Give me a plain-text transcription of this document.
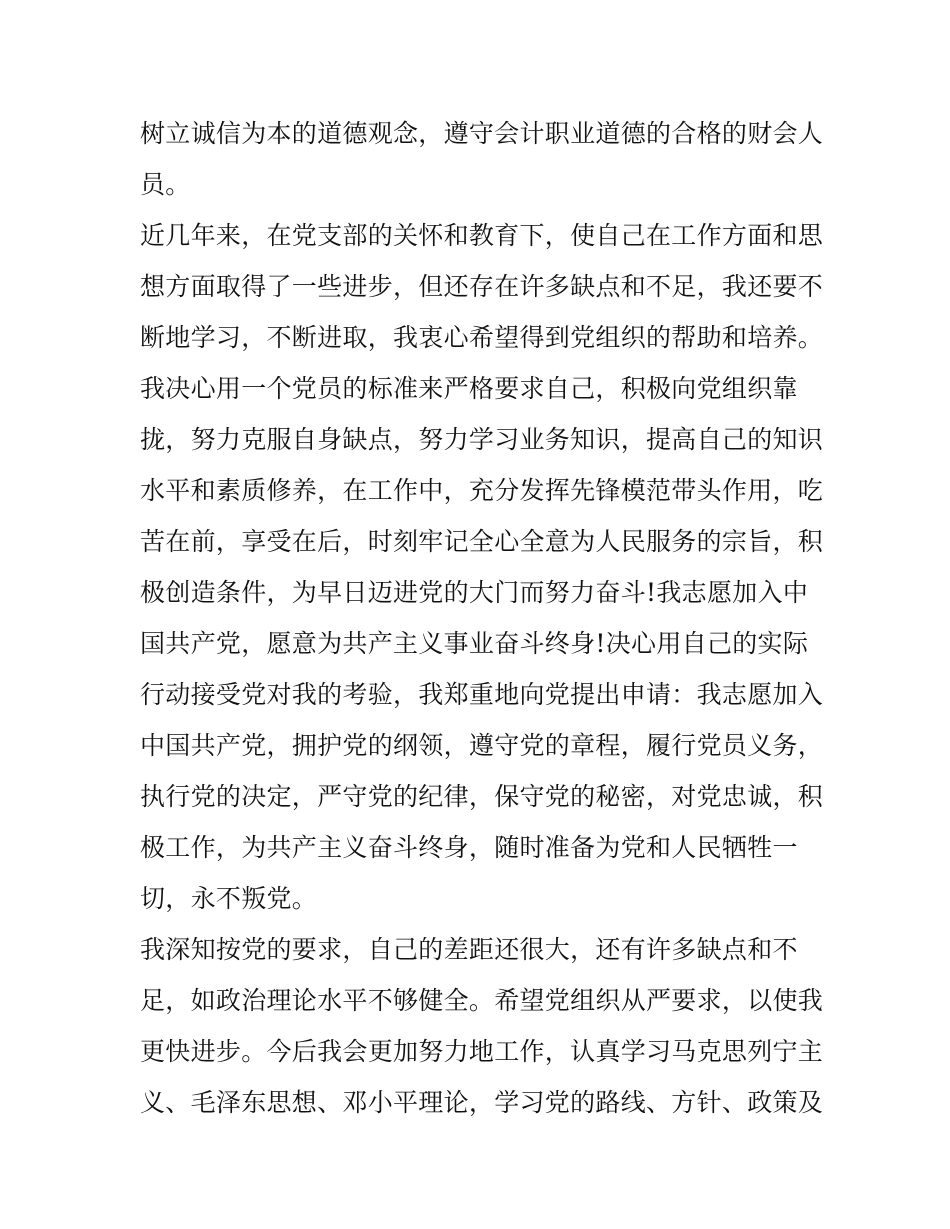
树立诚信为本的道德观念，遵守会计职业道德的合格的财会人
员。
近几年来，在党支部的关怀和教育下，使自己在工作方面和思
想方面取得了一些进步，但还存在许多缺点和不足，我还要不
断地学习，不断进取，我衷心希望得到党组织的帮助和培养。
我决心用一个党员的标准来严格要求自己，积极向党组织靠
拢，努力克服自身缺点，努力学习业务知识，提高自己的知识
水平和素质修养，在工作中，充分发挥先锋模范带头作用，吃
苦在前，享受在后，时刻牢记全心全意为人民服务的宗旨，积
极创造条件，为早日迈进党的大门而努力奋斗!我志愿加入中
国共产党，愿意为共产主义事业奋斗终身!决心用自己的实际
行动接受党对我的考验，我郑重地向党提出申请：我志愿加入
中国共产党，拥护党的纲领，遵守党的章程，履行党员义务，
执行党的决定，严守党的纪律，保守党的秘密，对党忠诚，积
极工作，为共产主义奋斗终身，随时准备为党和人民牺牲一
切，永不叛党。
我深知按党的要求，自己的差距还很大，还有许多缺点和不
足，如政治理论水平不够健全。希望党组织从严要求，以使我
更快进步。今后我会更加努力地工作，认真学习马克思列宁主
义、毛泽东思想、邓小平理论，学习党的路线、方针、政策及
